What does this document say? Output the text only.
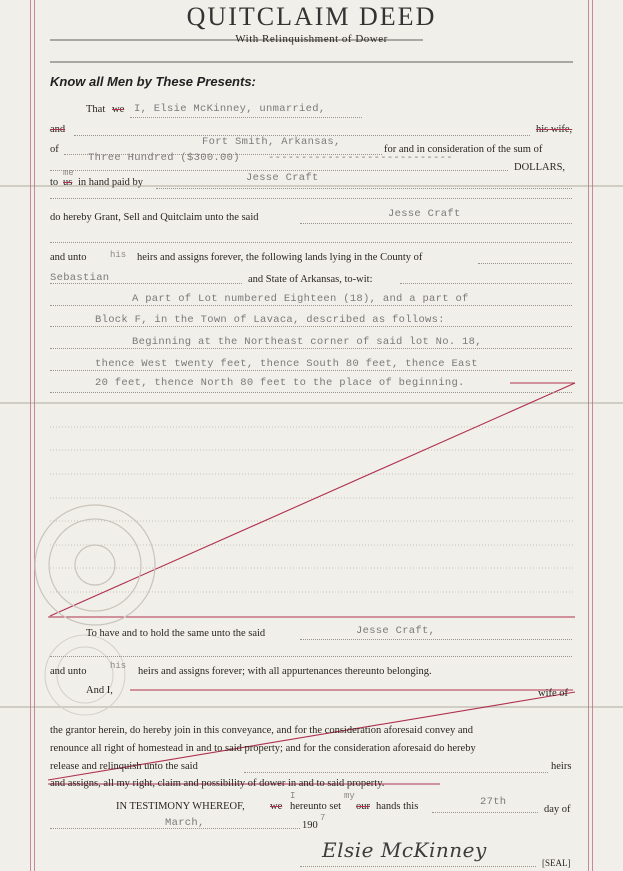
QUITCLAIM DEED
With Relinquishment of Dower
Know all Men by These Presents:
That we I, Elsie McKinney, unmarried,
and	his wife,
of
Fort Smith, Arkansas,
for and in consideration of the sum of
Three Hundred ($300.00)	----------------------------
DOLLARS,
to us
me
in hand paid by	Jesse Craft
do hereby Grant, Sell and Quitclaim unto the said	Jesse Craft
and unto	his heirs and assigns forever, the following lands lying in the County of
Sebastian	and State of Arkansas, to-wit:
A part of Lot numbered Eighteen (18), and a part of
Block F, in the Town of Lavaca, described as follows:
Beginning at the Northeast corner of said lot No. 18,
thence West twenty feet, thence South 80 feet, thence East
20 feet, thence North 80 feet to the place of beginning.
To have and to hold the same unto the said	Jesse Craft,
and unto	his heirs and assigns forever; with all appurtenances thereunto belonging.
And I,	wife of
the grantor herein, do hereby join in this conveyance, and for the consideration aforesaid convey and
renounce all right of homestead in and to said property; and for the consideration aforesaid do hereby
release and relinquish unto the said	heirs
and assigns, all my right, claim and possibility of dower in and to said property.
IN TESTIMONY WHEREOF, we
I
hereunto set our
my
hands this	27th
day of
March,	190
7
Elsie McKinney
[SEAL]
